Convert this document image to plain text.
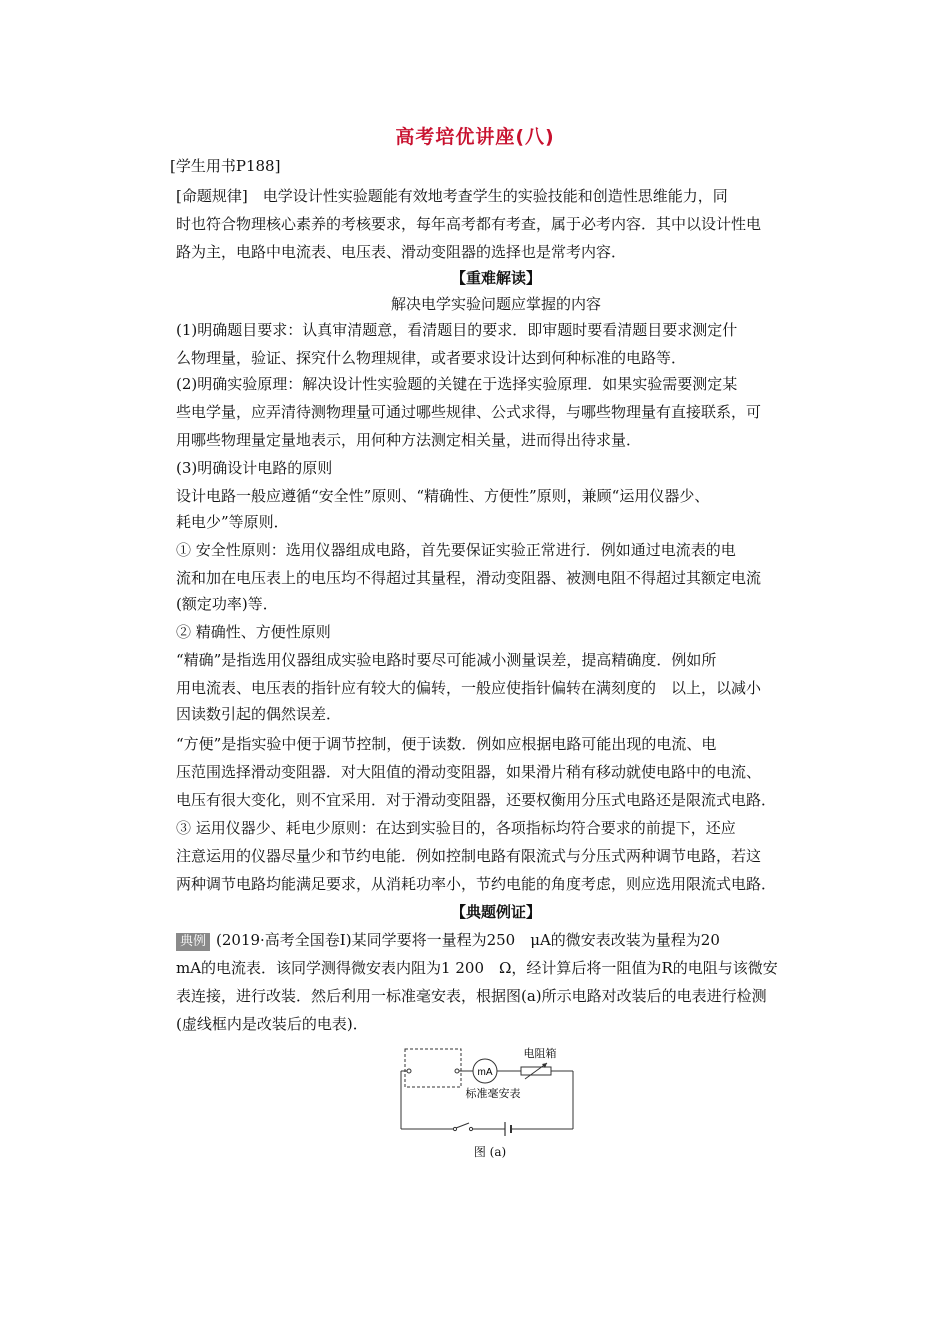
高考培优讲座(八)
[学生用书P188]
[命题规律]　电学设计性实验题能有效地考查学生的实验技能和创造性思维能力，同
时也符合物理核心素养的考核要求，每年高考都有考查，属于必考内容．其中以设计性电
路为主，电路中电流表、电压表、滑动变阻器的选择也是常考内容．
【重难解读】
解决电学实验问题应掌握的内容
(1)明确题目要求：认真审清题意，看清题目的要求．即审题时要看清题目要求测定什
么物理量，验证、探究什么物理规律，或者要求设计达到何种标准的电路等．
(2)明确实验原理：解决设计性实验题的关键在于选择实验原理．如果实验需要测定某
些电学量，应弄清待测物理量可通过哪些规律、公式求得，与哪些物理量有直接联系，可
用哪些物理量定量地表示，用何种方法测定相关量，进而得出待求量．
(3)明确设计电路的原则
设计电路一般应遵循“安全性”原则、“精确性、方便性”原则，兼顾“运用仪器少、
耗电少”等原则．
① 安全性原则：选用仪器组成电路，首先要保证实验正常进行．例如通过电流表的电
流和加在电压表上的电压均不得超过其量程，滑动变阻器、被测电阻不得超过其额定电流
(额定功率)等．
② 精确性、方便性原则
“精确”是指选用仪器组成实验电路时要尽可能减小测量误差，提高精确度．例如所
用电流表、电压表的指针应有较大的偏转，一般应使指针偏转在满刻度的　以上，以减小
因读数引起的偶然误差．
“方便”是指实验中便于调节控制，便于读数．例如应根据电路可能出现的电流、电
压范围选择滑动变阻器．对大阻值的滑动变阻器，如果滑片稍有移动就使电路中的电流、
电压有很大变化，则不宜采用．对于滑动变阻器，还要权衡用分压式电路还是限流式电路．
③ 运用仪器少、耗电少原则：在达到实验目的，各项指标均符合要求的前提下，还应
注意运用的仪器尽量少和节约电能．例如控制电路有限流式与分压式两种调节电路，若这
两种调节电路均能满足要求，从消耗功率小，节约电能的角度考虑，则应选用限流式电路．
【典题例证】
典例 (2019·高考全国卷Ⅰ)某同学要将一量程为250　μA的微安表改装为量程为20
mA的电流表．该同学测得微安表内阻为1 200　Ω，经计算后将一阻值为R的电阻与该微安
表连接，进行改装．然后利用一标准毫安表，根据图(a)所示电路对改装后的电表进行检测
(虚线框内是改装后的电表)．
mA
电阻箱
标准毫安表
图 (a)
